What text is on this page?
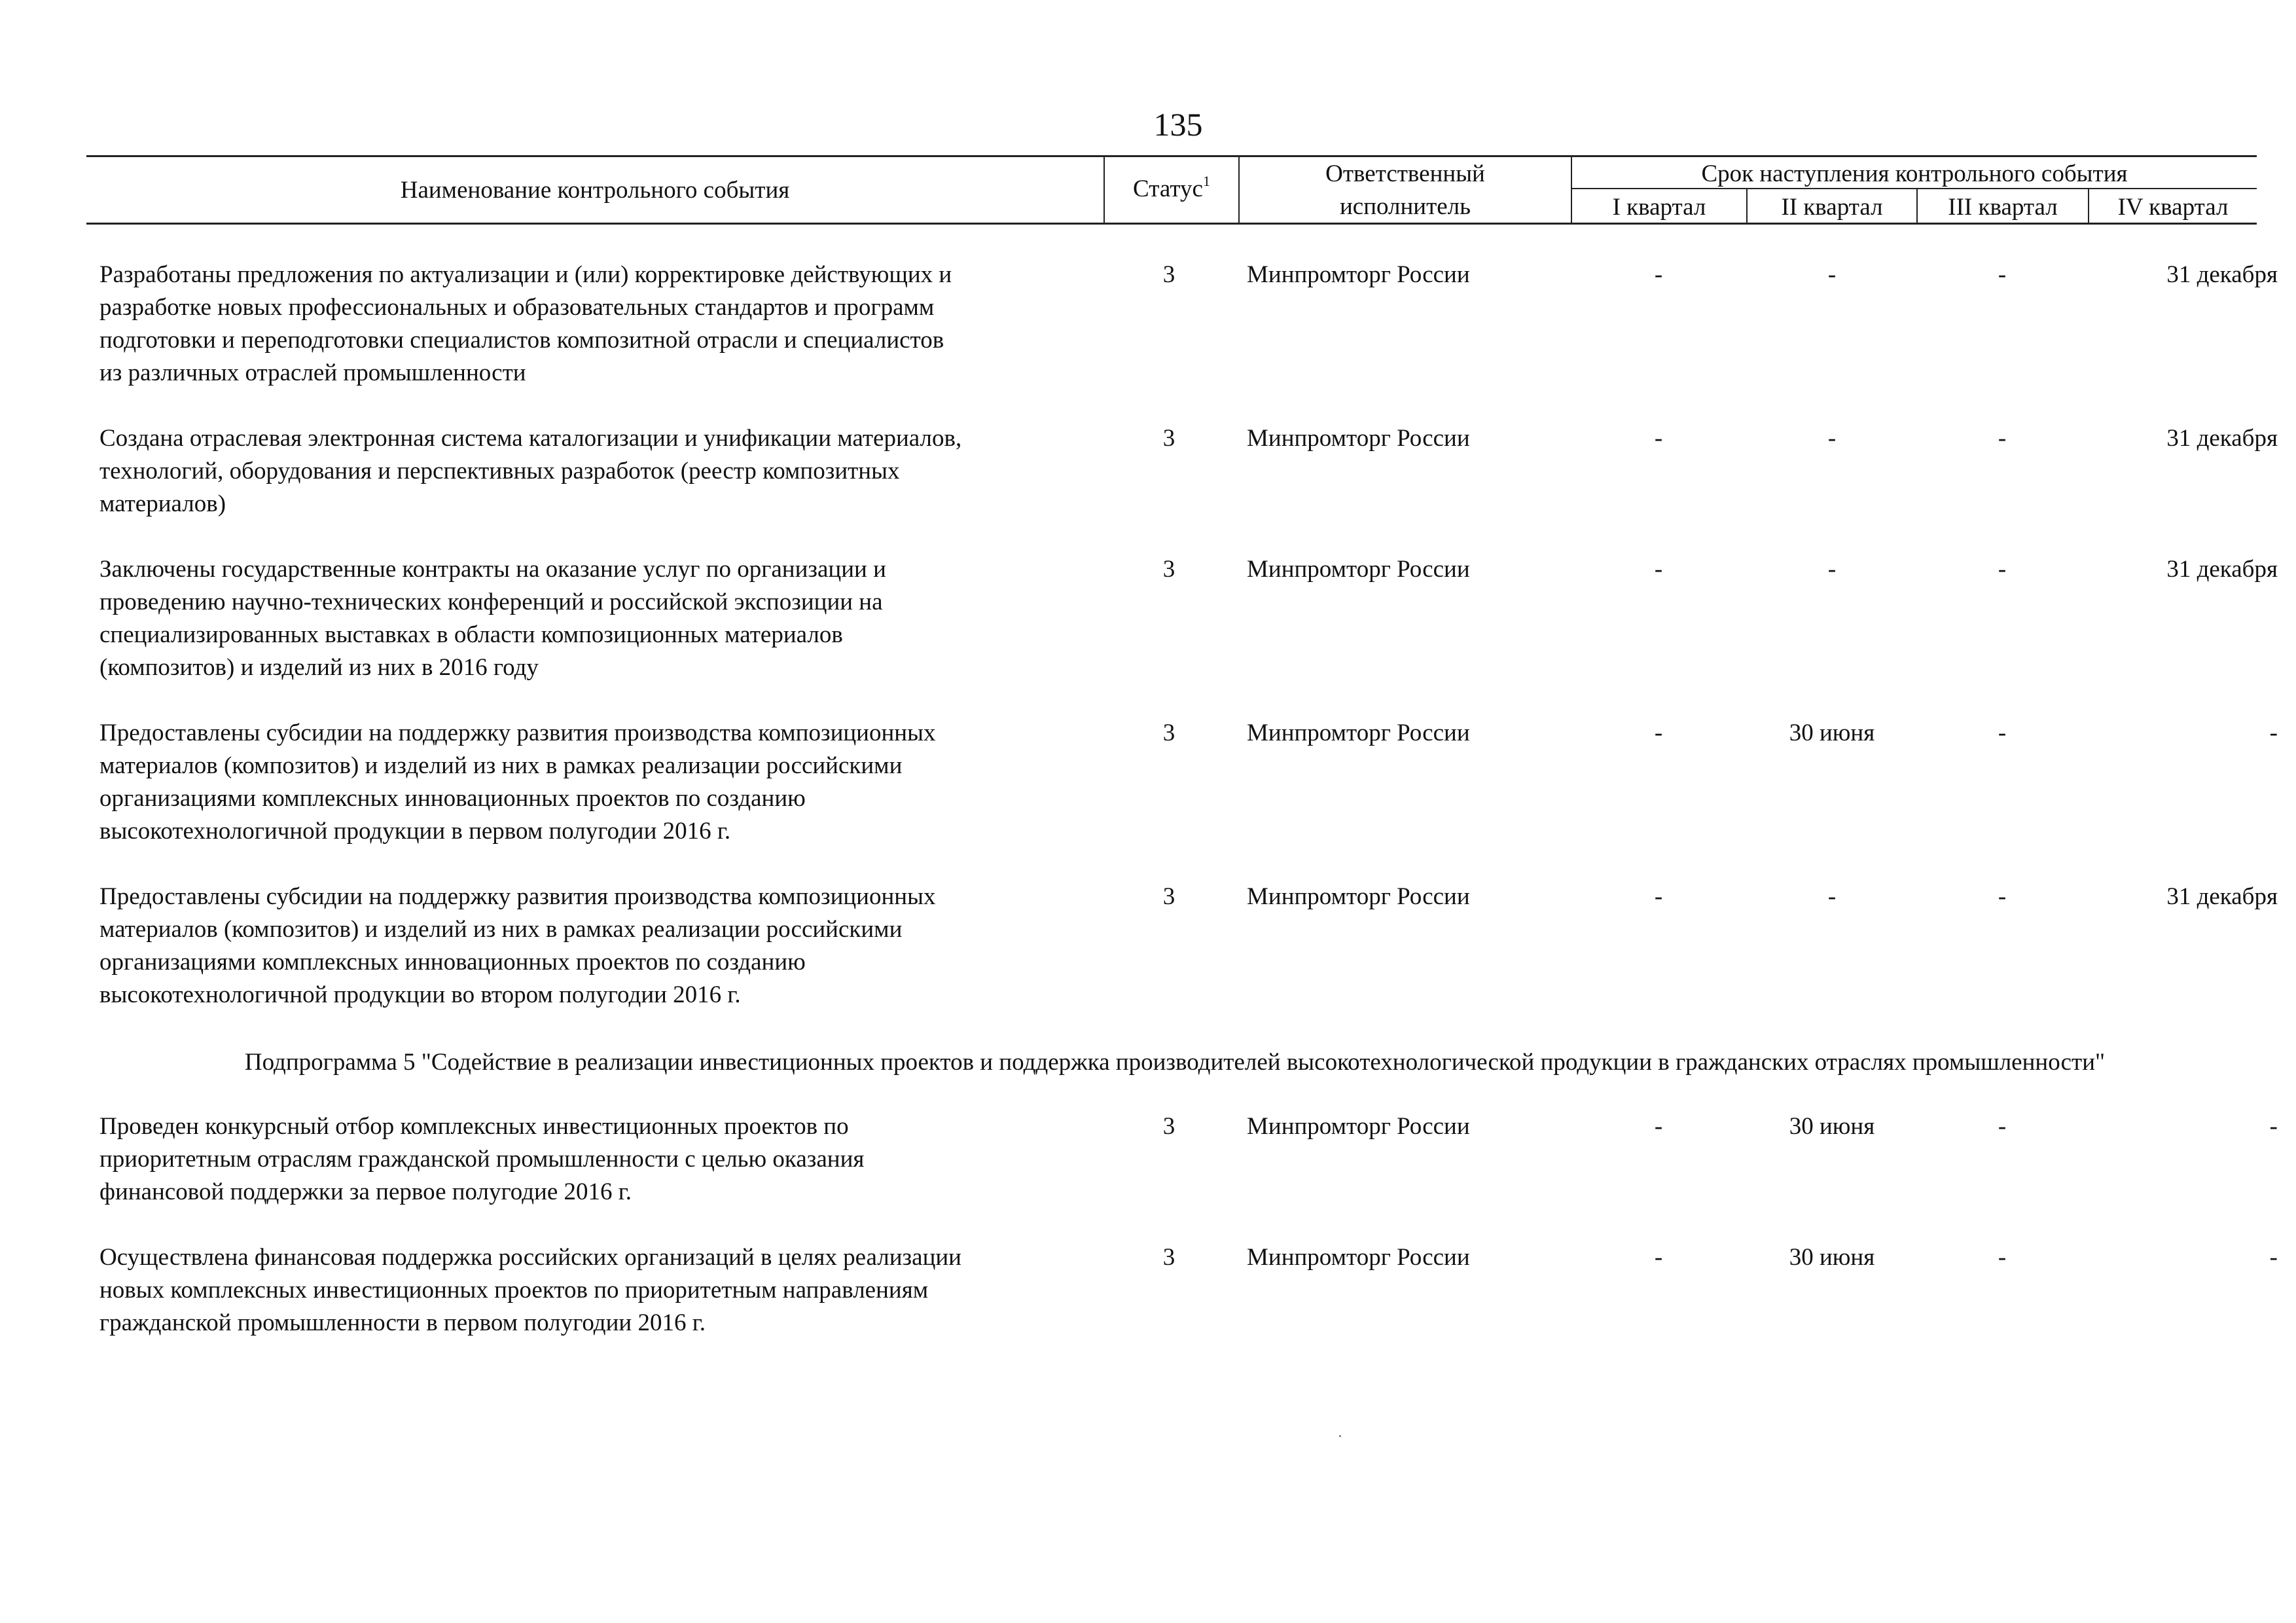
135
Наименование контрольного события	Статус$^1$	Ответственный
исполнитель
Срок наступления контрольного события
I квартал	II квартал	III квартал	IV квартал
Разработаны предложения по актуализации и (или) корректировке действующих и
разработке новых профессиональных и образовательных стандартов и программ
подготовки и переподготовки специалистов композитной отрасли и специалистов
из различных отраслей промышленности
3	Минпромторг России	-	-	-	31 декабря
Создана отраслевая электронная система каталогизации и унификации материалов,
технологий, оборудования и перспективных разработок (реестр композитных
материалов)
3	Минпромторг России	-	-	-	31 декабря
Заключены государственные контракты на оказание услуг по организации и
проведению научно-технических конференций и российской экспозиции на
специализированных выставках в области композиционных материалов
(композитов) и изделий из них в 2016 году
3	Минпромторг России	-	-	-	31 декабря
Предоставлены субсидии на поддержку развития производства композиционных
материалов (композитов) и изделий из них в рамках реализации российскими
организациями комплексных инновационных проектов по созданию
высокотехнологичной продукции в первом полугодии 2016 г.
3	Минпромторг России	-	30 июня	-	-
Предоставлены субсидии на поддержку развития производства композиционных
материалов (композитов) и изделий из них в рамках реализации российскими
организациями комплексных инновационных проектов по созданию
высокотехнологичной продукции во втором полугодии 2016 г.
3	Минпромторг России	-	-	-	31 декабря
Подпрограмма 5 "Содействие в реализации инвестиционных проектов и поддержка производителей высокотехнологической продукции в гражданских отраслях промышленности"
Проведен конкурсный отбор комплексных инвестиционных проектов по
приоритетным отраслям гражданской промышленности с целью оказания
финансовой поддержки за первое полугодие 2016 г.
3	Минпромторг России	-	30 июня	-	-
Осуществлена финансовая поддержка российских организаций в целях реализации
новых комплексных инвестиционных проектов по приоритетным направлениям
гражданской промышленности в первом полугодии 2016 г.
3	Минпромторг России	-	30 июня	-	-
